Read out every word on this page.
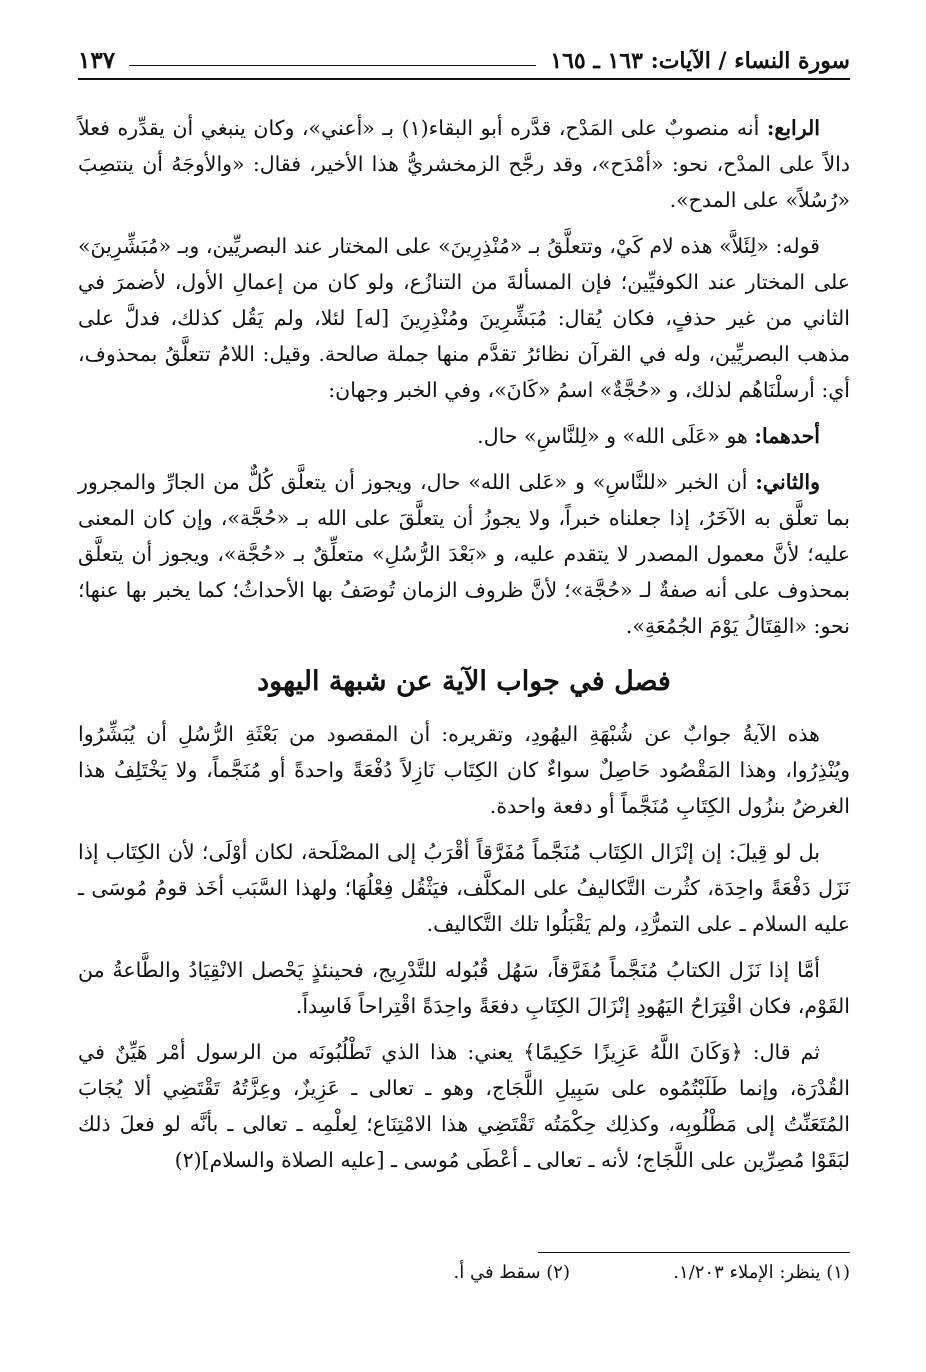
سورة النساء / الآيات: ١٦٣ ـ ١٦٥
١٣٧

الرابع: أنه منصوبٌ على المَدْح، قدَّره أبو البقاء(١) بـ «أعني»، وكان ينبغي أن يقدِّره فعلاً دالاً على المدْح، نحو: «أمْدَح»، وقد رجَّح الزمخشريُّ هذا الأخير، فقال: «والأوجَهُ أن ينتصِبَ «رُسُلاً» على المدح».

قوله: «لِئَلاَّ» هذه لام كَيْ، وتتعلَّقُ بـ «مُنْذِرِينَ» على المختار عند البصريِّين، وبـ «مُبَشِّرِينَ» على المختار عند الكوفيِّين؛ فإن المسألةَ من التنازُع، ولو كان من إعمالِ الأول، لأضمرَ في الثاني من غير حذفٍ، فكان يُقال: مُبَشِّرِينَ ومُنْذِرِينَ [له] لئلا، ولم يَقُل كذلك، فدلَّ على مذهب البصريِّين، وله في القرآن نظائرُ تقدَّم منها جملة صالحة. وقيل: اللامُ تتعلَّقُ بمحذوف، أي: أرسلْنَاهُم لذلك، و «حُجَّةٌ» اسمُ «كَانَ»، وفي الخبر وجهان:

أحدهما: هو «عَلَى الله» و «لِلنَّاسِ» حال.

والثاني: أن الخبر «للنَّاسِ» و «عَلى الله» حال، ويجوز أن يتعلَّق كُلٌّ من الجارِّ والمجرور بما تعلَّق به الآخَرُ، إذا جعلناه خبراً، ولا يجوزُ أن يتعلَّقَ على الله بـ «حُجَّة»، وإن كان المعنى عليه؛ لأنَّ معمول المصدر لا يتقدم عليه، و «بَعْدَ الرُّسُلِ» متعلِّقٌ بـ «حُجَّة»، ويجوز أن يتعلَّق بمحذوف على أنه صفةٌ لـ «حُجَّة»؛ لأنَّ ظروف الزمان تُوصَفُ بها الأحداثُ؛ كما يخبر بها عنها؛ نحو: «القِتَالُ يَوْمَ الجُمُعَةِ».

فصل في جواب الآية عن شبهة اليهود

هذه الآيةُ جوابٌ عن شُبْهَةِ اليهُودِ، وتقريره: أن المقصود من بَعْثَةِ الرُّسُلِ أن يُبَشِّرُوا ويُنْذِرُوا، وهذا المَقْصُود حَاصِلٌ سواءٌ كان الكِتَاب نَازِلاً دُفْعَةً واحدةً أو مُنَجَّماً، ولا يَخْتَلِفُ هذا الغرضُ بنزُول الكِتَابِ مُنَجَّماً أو دفعة واحدة.

بل لو قِيلَ: إن إنْزَال الكِتَاب مُنَجَّماً مُفَرَّقاً أقْرَبُ إلى المصْلَحة، لكان أوْلَى؛ لأن الكِتَاب إذا نَزَل دَفْعَةً واحِدَة، كثُرت التَّكاليفُ على المكلَّف، فيَثْقُل فِعْلُهَا؛ ولهذا السَّبَب أخَذ قومُ مُوسَى ـ عليه السلام ـ على التمرُّدِ، ولم يَقْبَلُوا تلك التَّكاليف.

أمَّا إذا نَزَل الكتابُ مُنَجَّماً مُفَرَّقاً، سَهُل قُبُوله للتَّدْرِيج، فحينئذٍ يَحْصل الانْقِيَادُ والطَّاعةُ من القَوْم، فكان اقْتِرَاحُ اليَهُودِ إنْزَالَ الكِتَابِ دفعَةً واحِدَةً اقْتِراحاً فَاسِداً.

ثم قال: ﴿وَكَانَ اللَّهُ عَزِيزًا حَكِيمًا﴾ يعني: هذا الذي تَطْلُبُونَه من الرسول أمْر هَيِّنٌ في القُدْرَة، وإنما طَلَبْتُمُوه على سَبِيلِ اللَّجَاج، وهو ـ تعالى ـ عَزِيزٌ، وعِزَّتُهُ تَقْتَضِي ألا يُجَابَ المُتَعَنِّتُ إلى مَطْلُوبِه، وكذلِك حِكْمَتُه تَقْتَضِي هذا الامْتِنَاع؛ لِعلْمِه ـ تعالى ـ بأنَّه لو فعلَ ذلك لبَقَوْا مُصِرِّين على اللَّجَاج؛ لأنه ـ تعالى ـ أعْطَى مُوسى ـ [عليه الصلاة والسلام](٢)

(١) ينظر: الإملاء ١/٢٠٣.
(٢) سقط في أ.
